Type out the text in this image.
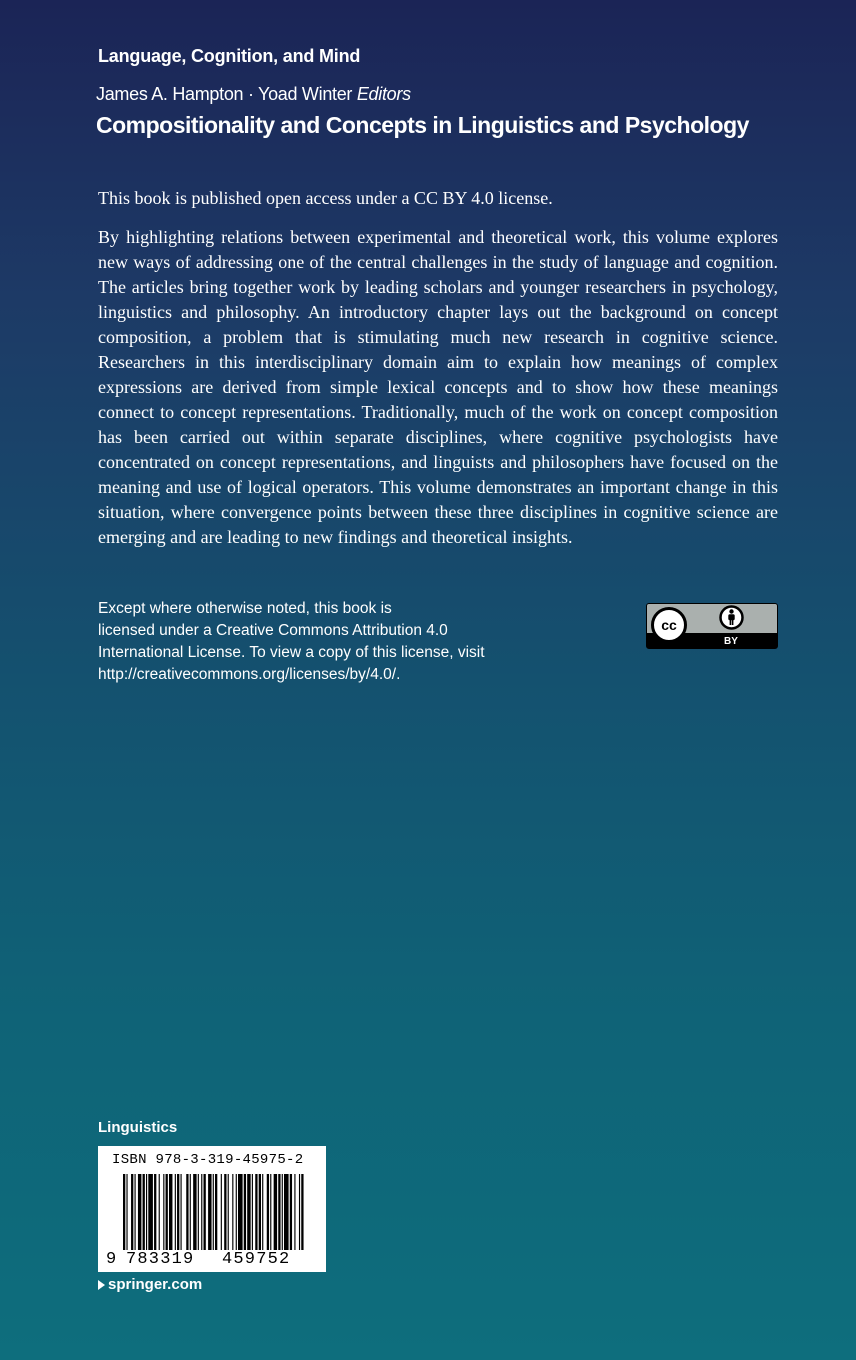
Language, Cognition, and Mind
James A. Hampton · Yoad Winter Editors
Compositionality and Concepts in Linguistics and Psychology
This book is published open access under a CC BY 4.0 license.
By highlighting relations between experimental and theoretical work, this volume explores new ways of addressing one of the central challenges in the study of language and cognition. The articles bring together work by leading scholars and younger researchers in psychology, linguistics and philosophy. An introductory chapter lays out the background on concept composition, a problem that is stimulating much new research in cognitive science. Researchers in this interdisciplinary domain aim to explain how meanings of complex expressions are derived from simple lexical concepts and to show how these meanings connect to concept representations. Traditionally, much of the work on concept composition has been carried out within separate disciplines, where cognitive psychologists have concentrated on concept representations, and linguists and philosophers have focused on the meaning and use of logical operators. This volume demonstrates an important change in this situation, where convergence points between these three disciplines in cognitive science are emerging and are leading to new findings and theoretical insights.
Except where otherwise noted, this book is
licensed under a Creative Commons Attribution 4.0
International License. To view a copy of this license, visit
http://creativecommons.org/licenses/by/4.0/.
cc
BY
Linguistics
ISBN 978-3-319-45975-2
9 783319 459752
springer.com
